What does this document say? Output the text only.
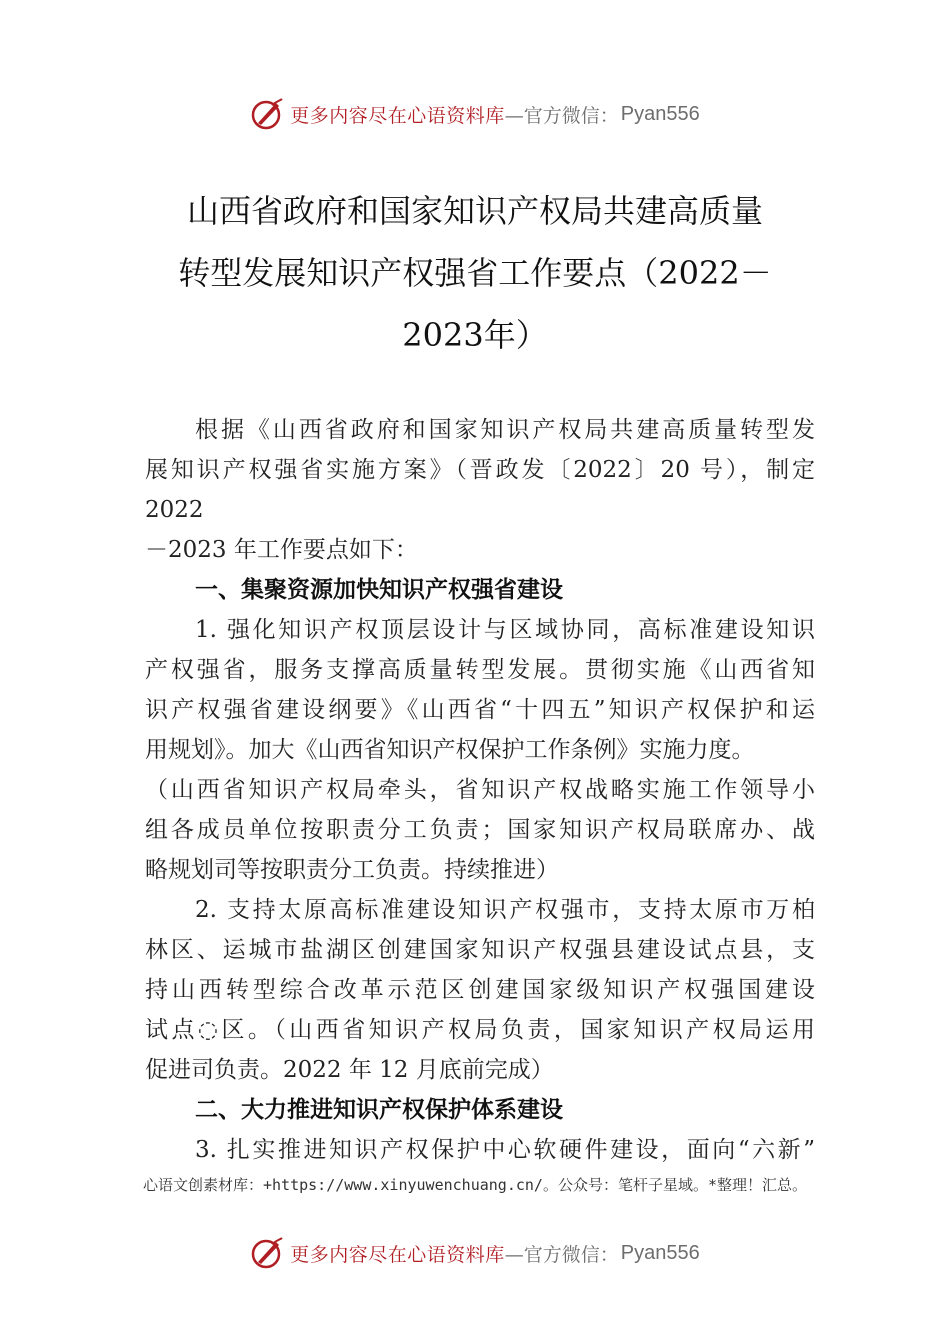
更多内容尽在心语资料库 —官方微信： Pyan556
山西省政府和国家知识产权局共建高质量
转型发展知识产权强省工作要点（2022－
2023年）
根据《山西省政府和国家知识产权局共建高质量转型发
展知识产权强省实施方案》（晋政发〔2022〕20 号），制定
2022
－2023 年工作要点如下：
一、集聚资源加快知识产权强省建设
1. 强化知识产权顶层设计与区域协同，高标准建设知识
产权强省，服务支撑高质量转型发展。贯彻实施《山西省知
识产权强省建设纲要》《山西省“十四五”知识产权保护和运
用规划》。加大《山西省知识产权保护工作条例》实施力度。
（山西省知识产权局牵头，省知识产权战略实施工作领导小
组各成员单位按职责分工负责；国家知识产权局联席办、战
略规划司等按职责分工负责。持续推进）
2. 支持太原高标准建设知识产权强市，支持太原市万柏
林区、运城市盐湖区创建国家知识产权强县建设试点县，支
持山西转型综合改革示范区创建国家级知识产权强国建设
试点◌区。（山西省知识产权局负责，国家知识产权局运用
促进司负责。2022 年 12 月底前完成）
二、大力推进知识产权保护体系建设
3. 扎实推进知识产权保护中心软硬件建设，面向“六新”
心语文创素材库：+https://www.xinyuwenchuang.cn/。公众号：笔杆子星域。*整理！汇总。
更多内容尽在心语资料库 —官方微信： Pyan556
